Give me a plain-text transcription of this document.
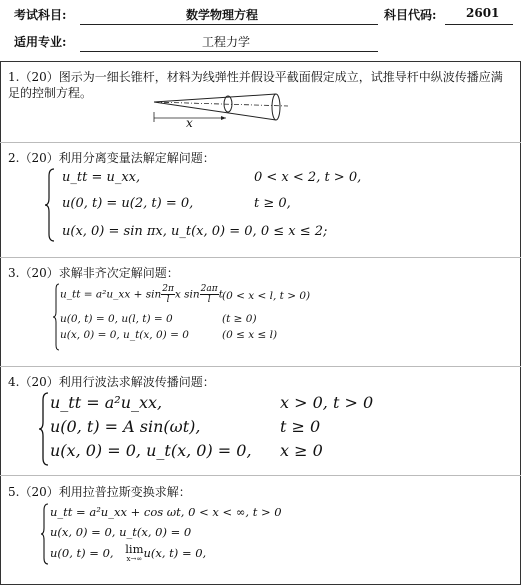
考试科目:	数学物理方程	科目代码: 2601
适用专业:	工程力学
1.（20）图示为一细长锥杆，材料为线弹性并假设平截面假定成立，试推导杆中纵波传播应满
足的控制方程。
x
2.（20）利用分离变量法解定解问题：
u_tt = u_xx,	0 < x < 2, t > 0,
u(0, t) = u(2, t) = 0,	t ≥ 0,
u(x, 0) = sin πx, u_t(x, 0) = 0, 0 ≤ x ≤ 2;
3.（20）求解非齐次定解问题：
u_tt = a²u_xx + $\sin \frac{2\pi}{l}$ x $\sin \frac{2a\pi}{l}$ t (0 < x < l, t > 0)
u(0, t) = 0, u(l, t) = 0	(t ≥ 0)
u(x, 0) = 0, u_t(x, 0) = 0	(0 ≤ x ≤ l)
4.（20）利用行波法求解波传播问题：
u_tt = a²u_xx,	x > 0, t > 0
u(0, t) = A sin(ωt),	t ≥ 0
u(x, 0) = 0, u_t(x, 0) = 0, x ≥ 0
5.（20）利用拉普拉斯变换求解：
u_tt = a²u_xx + cos ωt, 0 < x < ∞, t > 0
u(x, 0) = 0, u_t(x, 0) = 0
u(0, t) = 0, lim
x→∞ u(x, t) = 0,
